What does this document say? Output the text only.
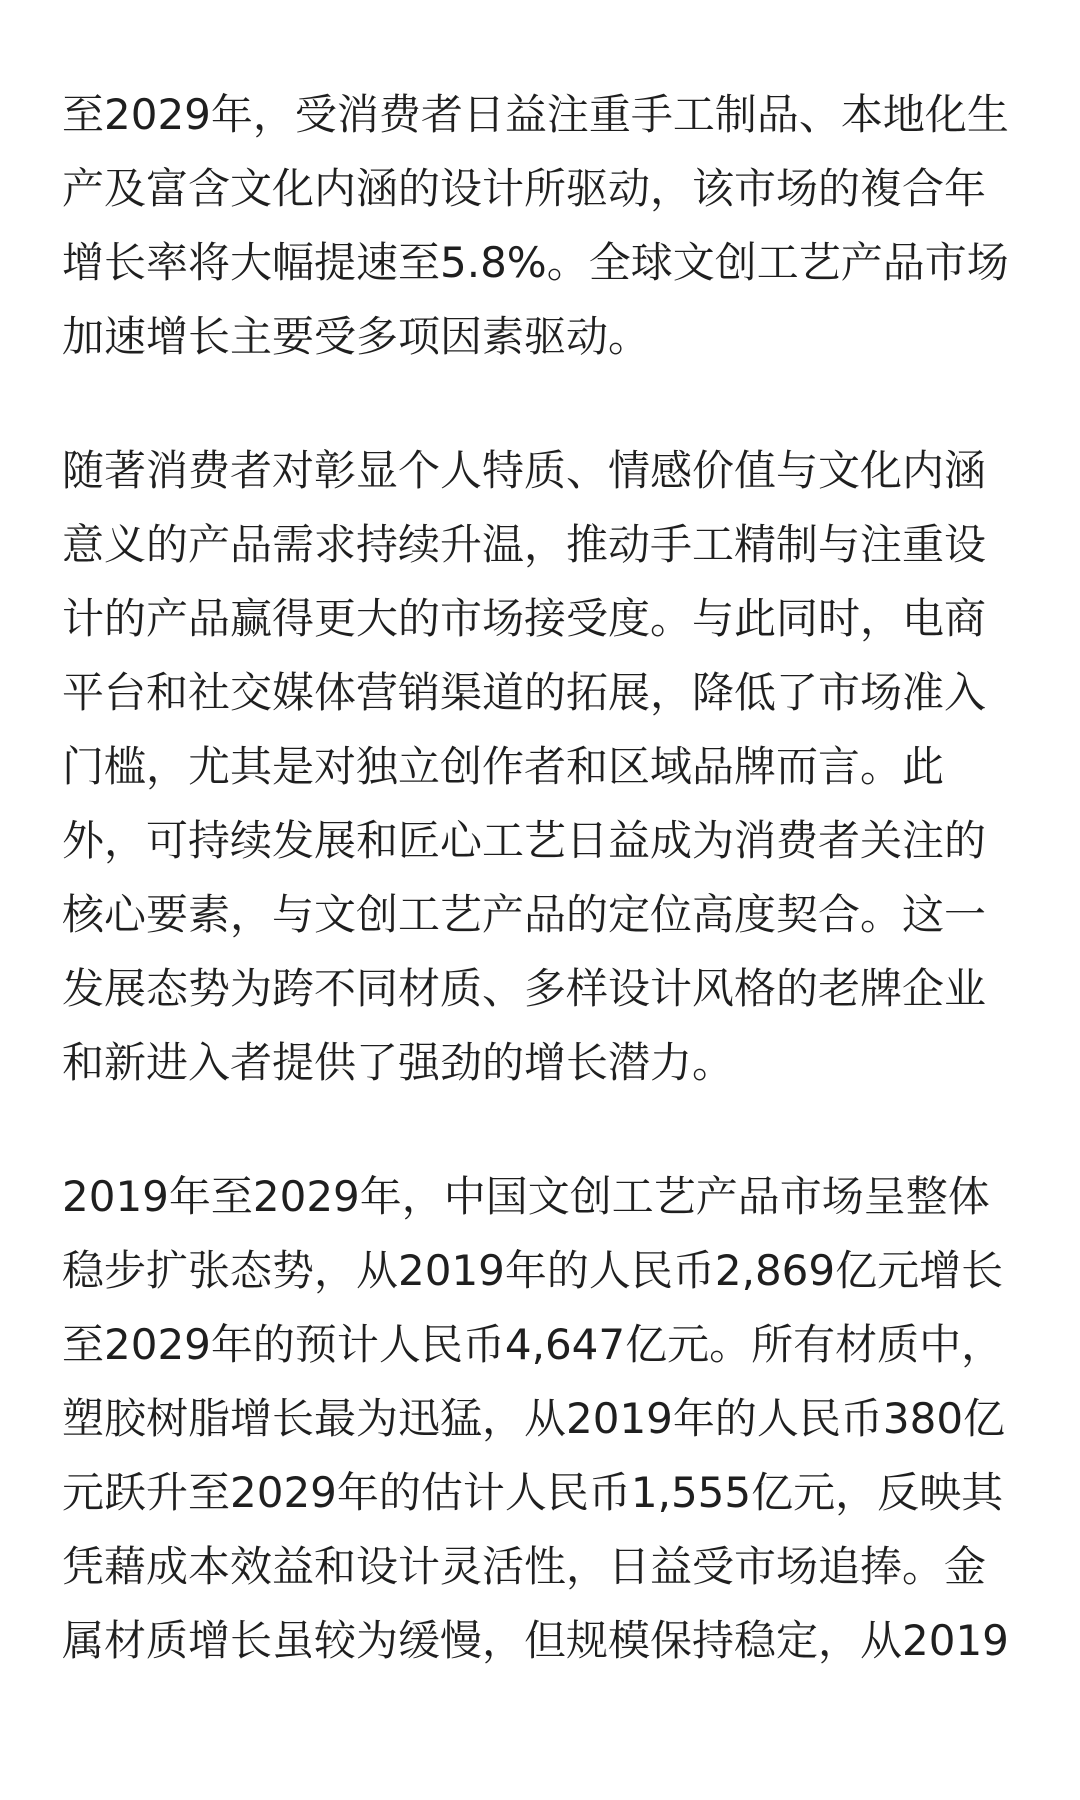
至2029年，受消费者日益注重手工制品、本地化生
产及富含文化内涵的设计所驱动，该市场的複合年
增长率将大幅提速至5.8%。全球文创工艺产品市场
加速增长主要受多项因素驱动。

随著消费者对彰显个人特质、情感价值与文化内涵
意义的产品需求持续升温，推动手工精制与注重设
计的产品赢得更大的市场接受度。与此同时，电商
平台和社交媒体营销渠道的拓展，降低了市场准入
门槛，尤其是对独立创作者和区域品牌而言。此
外，可持续发展和匠心工艺日益成为消费者关注的
核心要素，与文创工艺产品的定位高度契合。这一
发展态势为跨不同材质、多样设计风格的老牌企业
和新进入者提供了强劲的增长潜力。

2019年至2029年，中国文创工艺产品市场呈整体
稳步扩张态势，从2019年的人民币2,869亿元增长
至2029年的预计人民币4,647亿元。所有材质中，
塑胶树脂增长最为迅猛，从2019年的人民币380亿
元跃升至2029年的估计人民币1,555亿元，反映其
凭藉成本效益和设计灵活性，日益受市场追捧。金
属材质增长虽较为缓慢，但规模保持稳定，从2019
